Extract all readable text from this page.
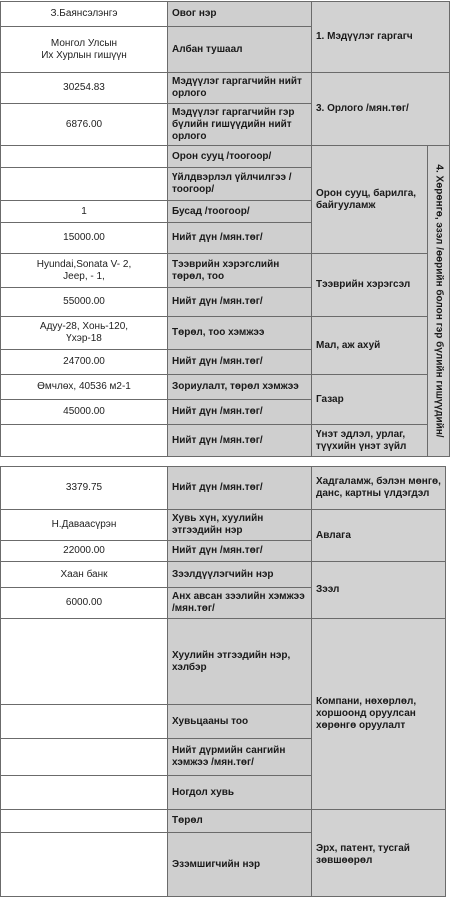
З.Баянсэлэнгэ	Овог нэр	1. Мэдүүлэг гаргагч	
Монгол Улсын
Их Хурлын гишүүн	Албан тушаал		
30254.83	Мэдүүлэг гаргагчийн нийт орлого	3. Орлого /мян.төг/	
6876.00	Мэдүүлэг гаргагчийн гэр бүлийн гишүүдийн нийт орлого		
	Орон сууц /тоогоор/	Орон сууц, барилга, байгууламж	4. Хөрөнгө, эзэл /өөрийн болон гэр бүлийн гишүүдийн/

	Үйлдвэрлэл үйлчилгээ /тоогоор/		
1	Бусад /тоогоор/		
15000.00	Нийт дүн /мян.төг/		
Hyundai,Sonata V- 2,
Jeep, - 1,	Тээврийн хэрэгслийн төрөл, тоо	Тээврийн хэрэгсэл	
55000.00	Нийт дүн /мян.төг/		
Адуу-28, Хонь-120,
Үхэр-18	Төрөл, тоо хэмжээ	Мал, аж ахуй	
24700.00	Нийт дүн /мян.төг/		
Өмчлөх, 40536 м2-1	Зориулалт, төрөл хэмжээ	Газар	
45000.00	Нийт дүн /мян.төг/		
	Нийт дүн /мян.төг/	Үнэт эдлэл, урлаг, түүхийн үнэт зүйл	
3379.75	Нийт дүн /мян.төг/	Хадгаламж, бэлэн мөнгө, данс, картны үлдэгдэл
Н.Даваасүрэн	Хувь хүн, хуулийн этгээдийн нэр	Авлага
22000.00	Нийт дүн /мян.төг/	
Хаан банк	Зээлдүүлэгчийн нэр	Зээл
6000.00	Анх авсан зээлийн хэмжээ /мян.төг/	
	Хуулийн этгээдийн нэр, хэлбэр	Компани, нөхөрлөл, хоршоонд оруулсан хөрөнгө оруулалт
	Хувьцааны тоо	
	Нийт дүрмийн сангийн хэмжээ /мян.төг/	
	Ногдол хувь	
	Төрөл	Эрх, патент, тусгай зөвшөөрөл
	Эзэмшигчийн нэр	
